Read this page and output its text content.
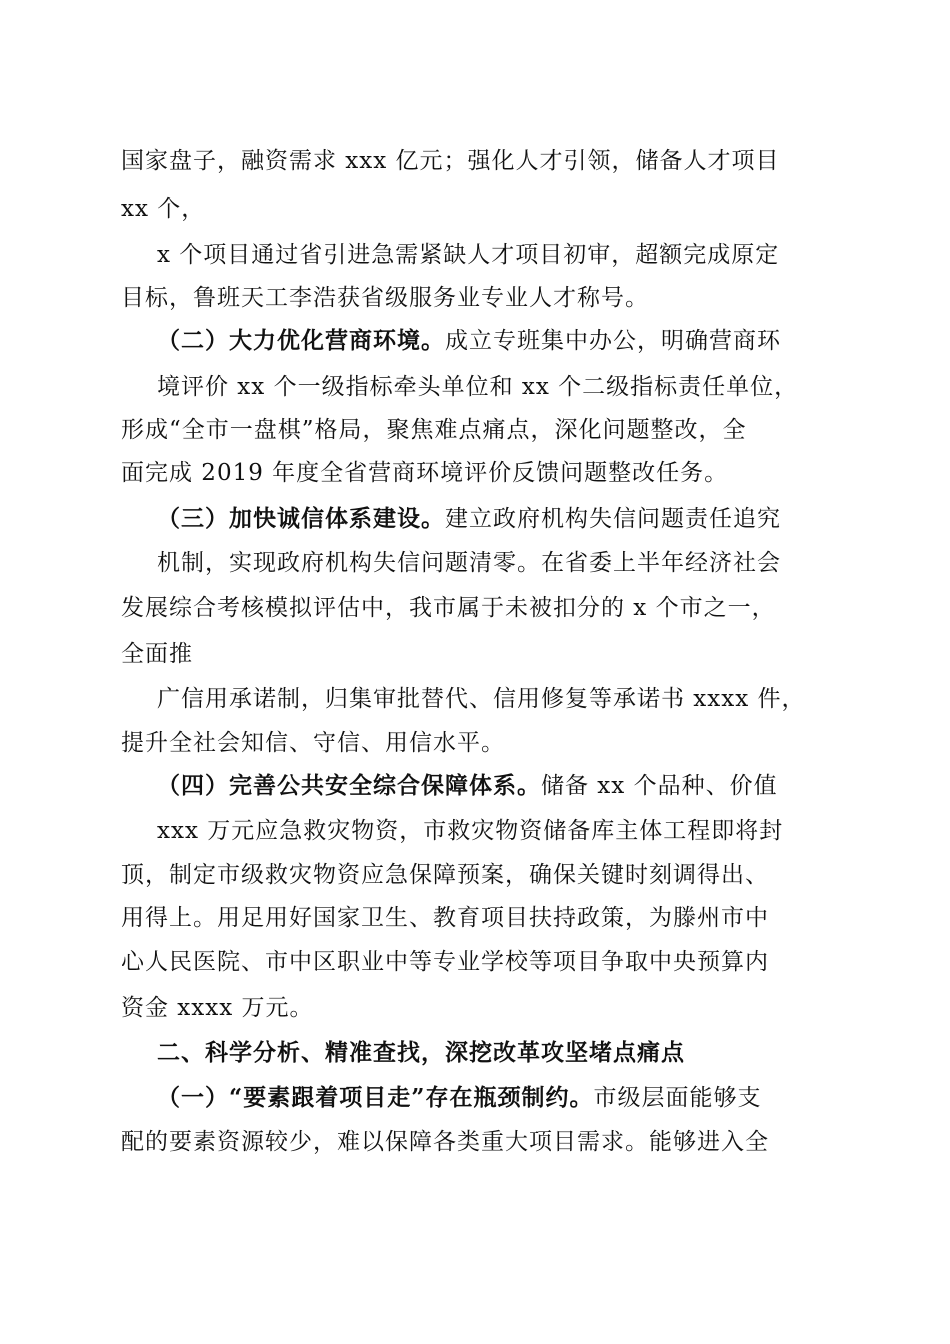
国家盘子，融资需求 xxx 亿元；强化人才引领，储备人才项目
xx 个，
x 个项目通过省引进急需紧缺人才项目初审，超额完成原定
目标，鲁班天工李浩获省级服务业专业人才称号。
（二）大力优化营商环境。成立专班集中办公，明确营商环
境评价 xx 个一级指标牵头单位和 xx 个二级指标责任单位，
形成“全市一盘棋”格局，聚焦难点痛点，深化问题整改，全
面完成 2019 年度全省营商环境评价反馈问题整改任务。
（三）加快诚信体系建设。建立政府机构失信问题责任追究
机制，实现政府机构失信问题清零。在省委上半年经济社会
发展综合考核模拟评估中，我市属于未被扣分的 x 个市之一，
全面推
广信用承诺制，归集审批替代、信用修复等承诺书 xxxx 件，
提升全社会知信、守信、用信水平。
（四）完善公共安全综合保障体系。储备 xx 个品种、价值
xxx 万元应急救灾物资，市救灾物资储备库主体工程即将封
顶，制定市级救灾物资应急保障预案，确保关键时刻调得出、
用得上。用足用好国家卫生、教育项目扶持政策，为滕州市中
心人民医院、市中区职业中等专业学校等项目争取中央预算内
资金 xxxx 万元。
二、科学分析、精准查找，深挖改革攻坚堵点痛点
（一）“要素跟着项目走”存在瓶颈制约。市级层面能够支
配的要素资源较少，难以保障各类重大项目需求。能够进入全
